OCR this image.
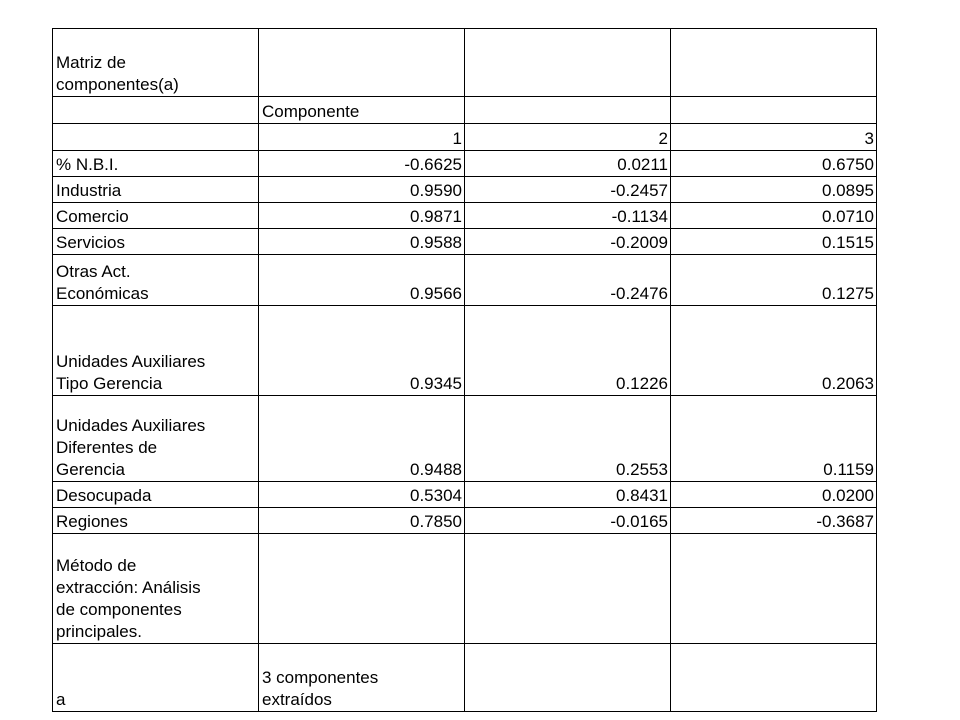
Matriz de
componentes(a)			

	Componente		
	1	2	3

% N.B.I.	-0.6625	0.0211	0.6750

Industria	0.9590	-0.2457	0.0895

Comercio	0.9871	-0.1134	0.0710

Servicios	0.9588	-0.2009	0.1515

Otras Act.
Económicas	0.9566	-0.2476	0.1275

Unidades Auxiliares
Tipo Gerencia	0.9345	0.1226	0.2063

Unidades Auxiliares
Diferentes de
Gerencia	0.9488	0.2553	0.1159

Desocupada	0.5304	0.8431	0.0200

Regiones	0.7850	-0.0165	-0.3687

Método de
extracción: Análisis
de componentes
principales.			

a	3 componentes
extraídos		
